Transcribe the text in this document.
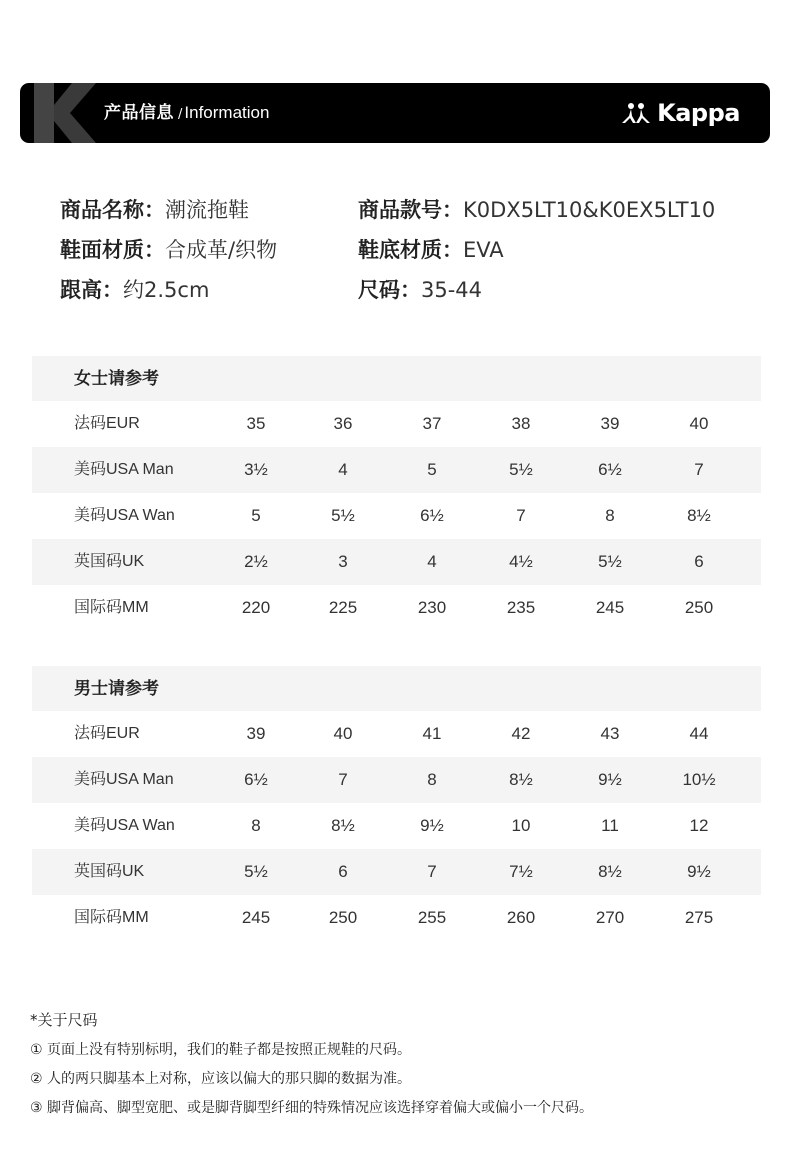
产品信息 / Information	Kappa
商品名称：潮流拖鞋	商品款号：K0DX5LT10&K0EX5LT10
鞋面材质：合成革/织物	鞋底材质：EVA
跟高：约2.5cm	尺码：35-44
女士请参考
法码EUR	35	36	37	38	39	40
美码USA Man	3½	4	5	5½	6½	7
美码USA Wan	5	5½	6½	7	8	8½
英国码UK	2½	3	4	4½	5½	6
国际码MM	220	225	230	235	245	250
男士请参考
法码EUR	39	40	41	42	43	44
美码USA Man	6½	7	8	8½	9½	10½
美码USA Wan	8	8½	9½	10	11	12
英国码UK	5½	6	7	7½	8½	9½
国际码MM	245	250	255	260	270	275
*关于尺码
① 页面上没有特别标明，我们的鞋子都是按照正规鞋的尺码。
② 人的两只脚基本上对称，应该以偏大的那只脚的数据为准。
③ 脚背偏高、脚型宽肥、或是脚背脚型纤细的特殊情况应该选择穿着偏大或偏小一个尺码。
